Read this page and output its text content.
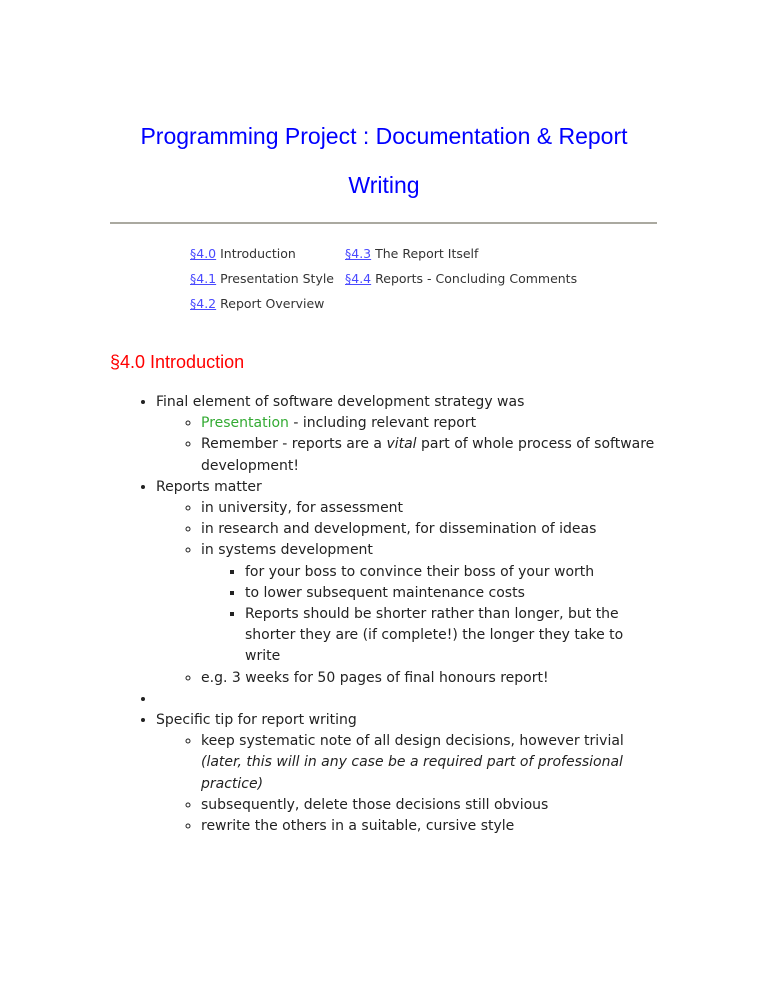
Programming Project : Documentation & Report
Writing
§4.0 Introduction
§4.1 Presentation Style
§4.2 Report Overview
§4.3 The Report Itself
§4.4 Reports - Concluding Comments
§4.0 Introduction
• Final element of software development strategy was
◦ Presentation - including relevant report
◦ Remember - reports are a vital part of whole process of software development!
• Reports matter
◦ in university, for assessment
◦ in research and development, for dissemination of ideas
◦ in systems development
▪ for your boss to convince their boss of your worth
▪ to lower subsequent maintenance costs
▪ Reports should be shorter rather than longer, but the shorter they are (if complete!) the longer they take to write
◦ e.g. 3 weeks for 50 pages of final honours report!
•
• Specific tip for report writing
◦ keep systematic note of all design decisions, however trivial (later, this will in any case be a required part of professional practice)
◦ subsequently, delete those decisions still obvious
◦ rewrite the others in a suitable, cursive style
